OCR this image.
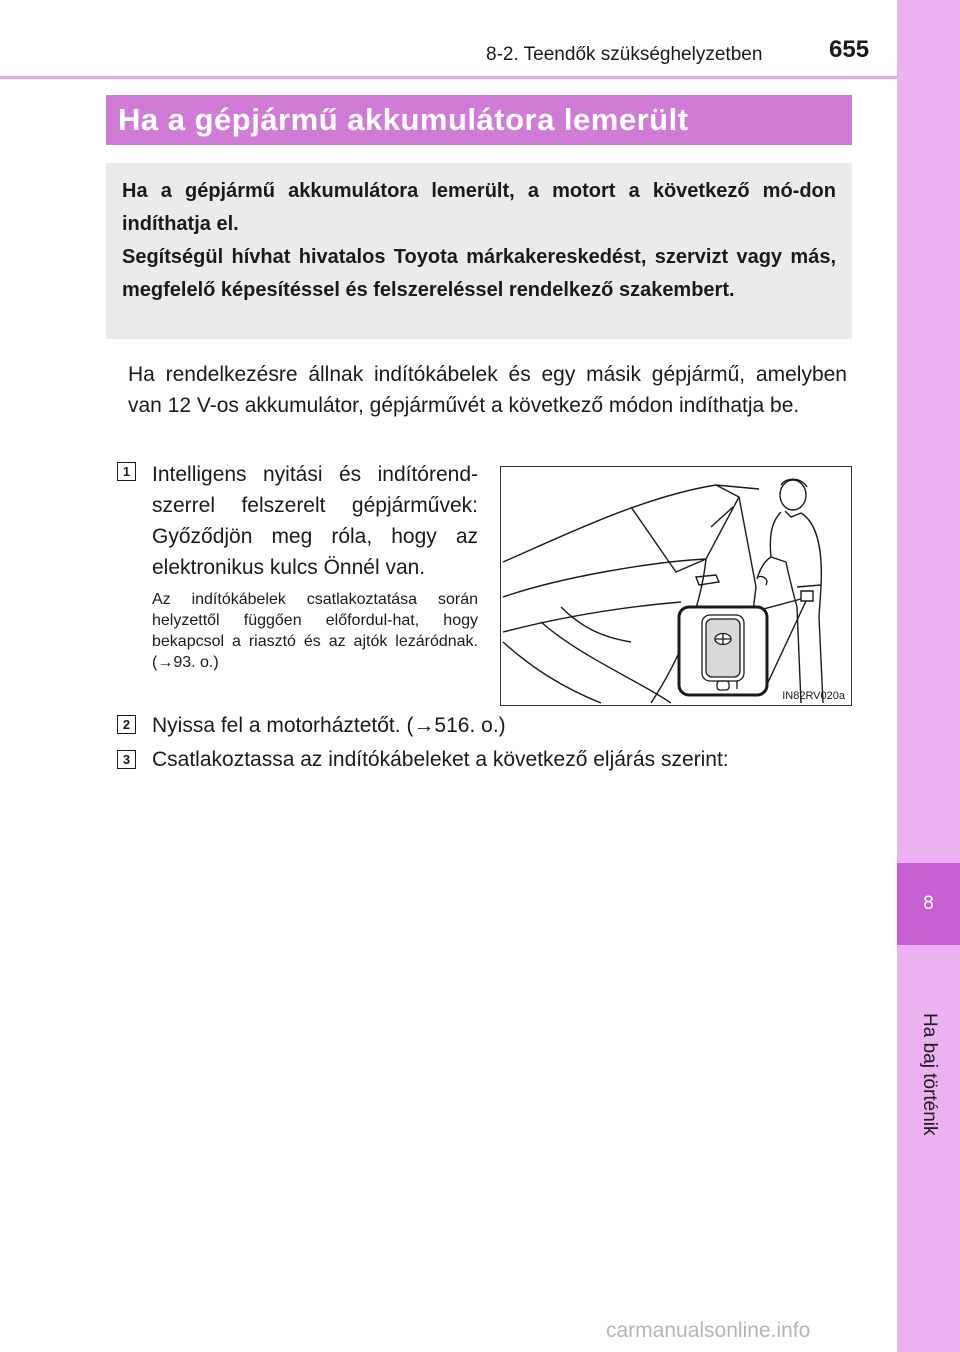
8-2. Teendők szükséghelyzetben	655
8
Ha baj történik
Ha a gépjármű akkumulátora lemerült

Ha a gépjármű akkumulátora lemerült, a motort a következő mó-don indíthatja el.

Segítségül hívhat hivatalos Toyota márkakereskedést, szervizt vagy más, megfelelő képesítéssel és felszereléssel rendelkező szakembert.

Ha rendelkezésre állnak indítókábelek és egy másik gépjármű, amelyben van 12 V-os akkumulátor, gépjárművét a következő módon indíthatja be.

1 Intelligens nyitási és indítórend-szerrel felszerelt gépjárművek: Győződjön meg róla, hogy az elektronikus kulcs Önnél van.

Az indítókábelek csatlakoztatása során helyzettől függően előfordul-hat, hogy bekapcsol a riasztó és az ajtók lezáródnak.(→93. o.)

IN82RV020a
2 Nyissa fel a motorháztetőt. (→516. o.)

3 Csatlakoztassa az indítókábeleket a következő eljárás szerint:

carmanualsonline.info
